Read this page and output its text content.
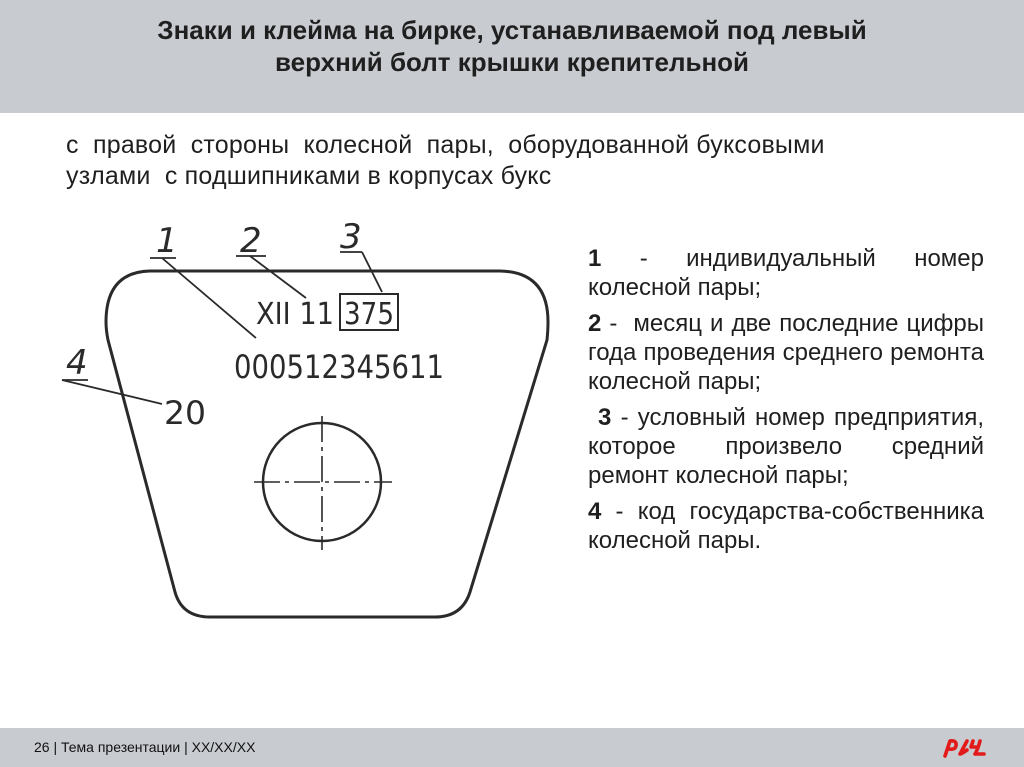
Знаки и клейма на бирке, устанавливаемой под левый
верхний болт крышки крепительной
с  правой  стороны  колесной  пары,  оборудованной буксовыми
узлами  с подшипниками в корпусах букс
1 2 3
4
XII 11 375
000512345611
20
1 - индивидуальный номер колесной пары;
2 -  месяц и две последние цифры года проведения среднего ремонта колесной пары;
3 - условный номер предприятия, которое произвело средний ремонт колесной пары;
4 - код государства-собственника колесной пары.
26 | Тема презентации | XX/XX/XX
